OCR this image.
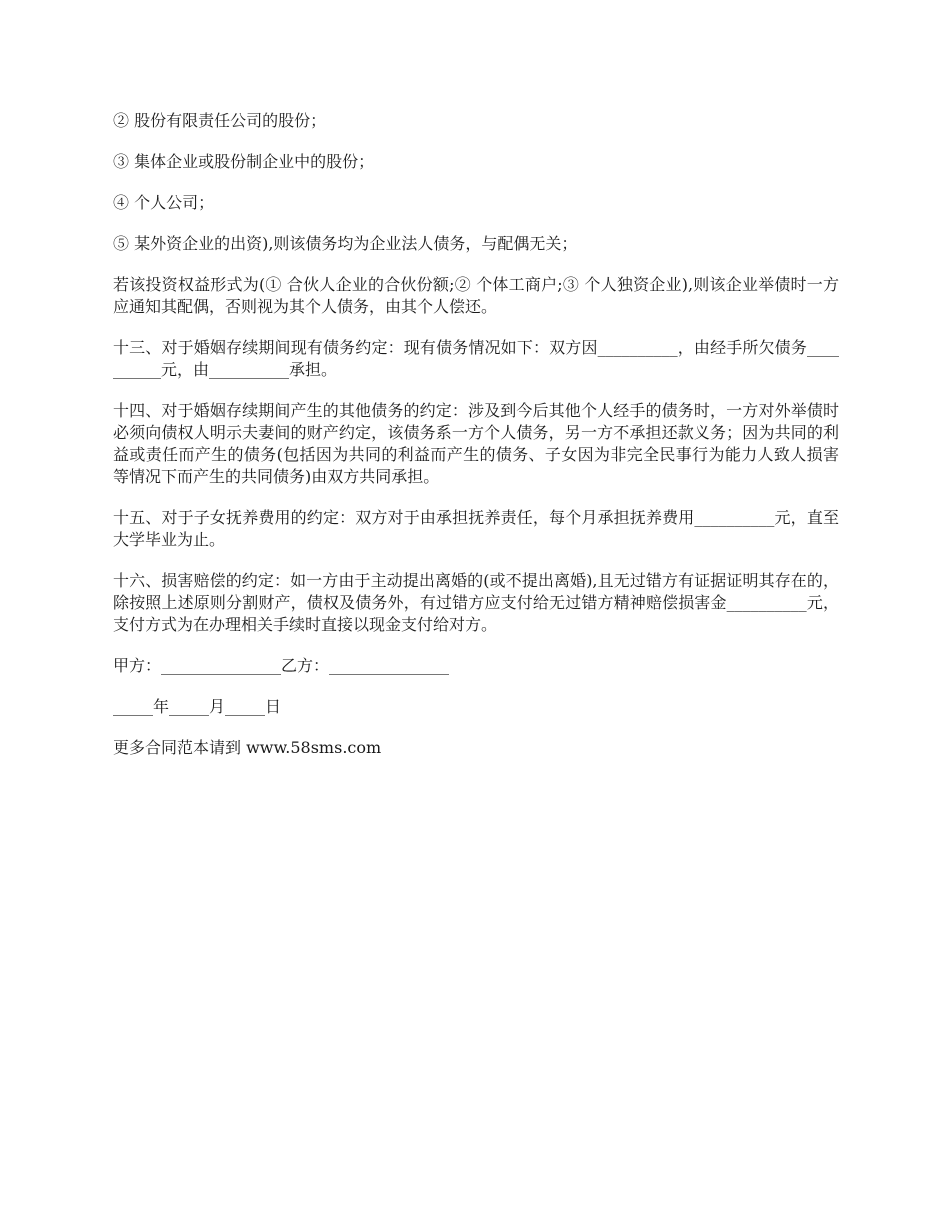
② 股份有限责任公司的股份；

③ 集体企业或股份制企业中的股份；

④ 个人公司；

⑤ 某外资企业的出资),则该债务均为企业法人债务，与配偶无关；

若该投资权益形式为(① 合伙人企业的合伙份额;② 个体工商户;③ 个人独资企业),则该企业举债时一方应通知其配偶，否则视为其个人债务，由其个人偿还。

十三、对于婚姻存续期间现有债务约定：现有债务情况如下：双方因__________，由经手所欠债务__________元，由__________承担。

十四、对于婚姻存续期间产生的其他债务的约定：涉及到今后其他个人经手的债务时，一方对外举债时必须向债权人明示夫妻间的财产约定，该债务系一方个人债务，另一方不承担还款义务；因为共同的利益或责任而产生的债务(包括因为共同的利益而产生的债务、子女因为非完全民事行为能力人致人损害等情况下而产生的共同债务)由双方共同承担。

十五、对于子女抚养费用的约定：双方对于由承担抚养责任，每个月承担抚养费用__________元，直至大学毕业为止。

十六、损害赔偿的约定：如一方由于主动提出离婚的(或不提出离婚),且无过错方有证据证明其存在的，除按照上述原则分割财产，债权及债务外，有过错方应支付给无过错方精神赔偿损害金__________元，支付方式为在办理相关手续时直接以现金支付给对方。

甲方：_______________乙方：_______________

_____年_____月_____日

更多合同范本请到 www.58sms.com
